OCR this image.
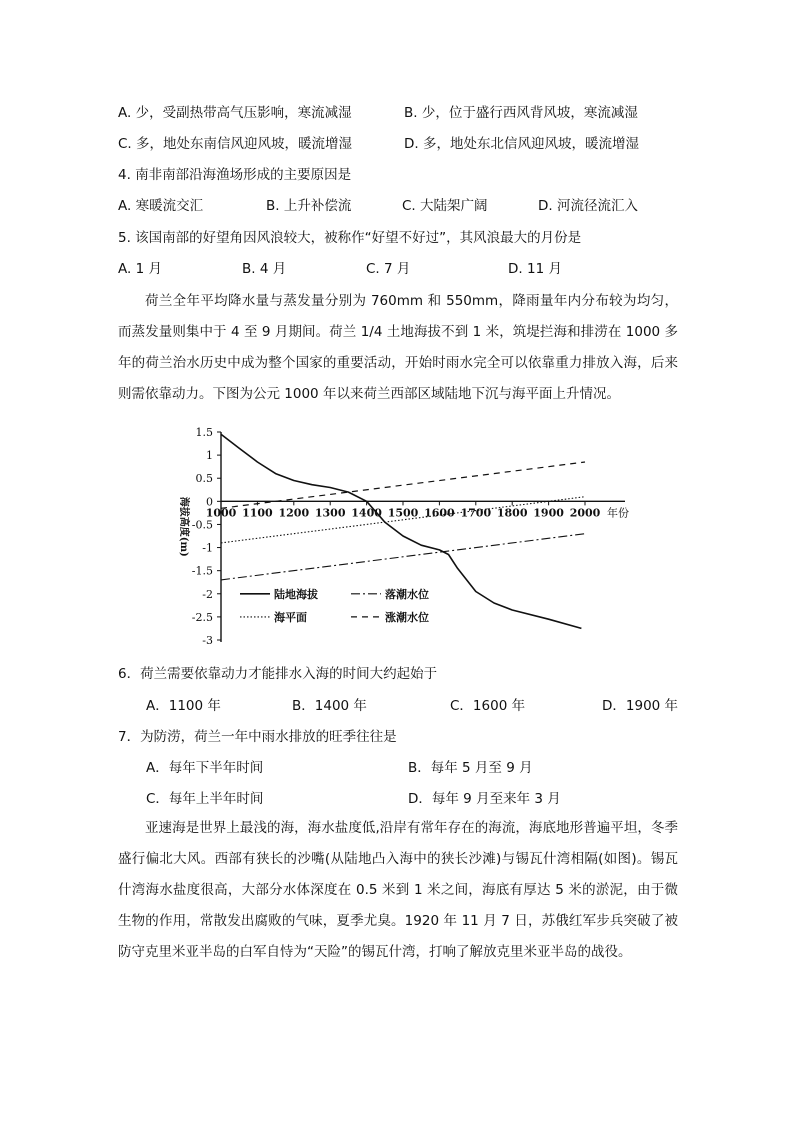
A. 少，受副热带高气压影响，寒流减湿	B. 少，位于盛行西风背风坡，寒流减湿
C. 多，地处东南信风迎风坡，暖流增湿	D. 多，地处东北信风迎风坡，暖流增湿
4. 南非南部沿海渔场形成的主要原因是
A. 寒暖流交汇	B. 上升补偿流	C. 大陆架广阔	D. 河流径流汇入
5. 该国南部的好望角因风浪较大，被称作“好望不好过”，其风浪最大的月份是
A. 1 月	B. 4 月	C. 7 月	D. 11 月
荷兰全年平均降水量与蒸发量分别为 760mm 和 550mm，降雨量年内分布较为均匀，而蒸发量则集中于 4 至 9 月期间。荷兰 1/4 土地海拔不到 1 米，筑堤拦海和排涝在 1000 多年的荷兰治水历史中成为整个国家的重要活动，开始时雨水完全可以依靠重力排放入海，后来则需依靠动力。下图为公元 1000 年以来荷兰西部区域陆地下沉与海平面上升情况。
1.5
1
0.5
0
-0.5
-1
-1.5
-2
-2.5
-3
1000 1100 1200 1300 1400 1500 1600 1700 1800 1900 2000 年份
海拔高度(m)
陆地海拔	落潮水位
海平面	涨潮水位
6．荷兰需要依靠动力才能排水入海的时间大约起始于
A．1100 年	B．1400 年	C．1600 年	D．1900 年
7．为防涝，荷兰一年中雨水排放的旺季往往是
A．每年下半年时间	B．每年 5 月至 9 月
C．每年上半年时间	D．每年 9 月至来年 3 月
亚速海是世界上最浅的海，海水盐度低,沿岸有常年存在的海流，海底地形普遍平坦，冬季盛行偏北大风。西部有狭长的沙嘴(从陆地凸入海中的狭长沙滩)与锡瓦什湾相隔(如图)。锡瓦什湾海水盐度很高，大部分水体深度在 0.5 米到 1 米之间，海底有厚达 5 米的淤泥，由于微生物的作用，常散发出腐败的气味，夏季尤臭。1920 年 11 月 7 日，苏俄红军步兵突破了被防守克里米亚半岛的白军自恃为“天险”的锡瓦什湾，打响了解放克里米亚半岛的战役。
